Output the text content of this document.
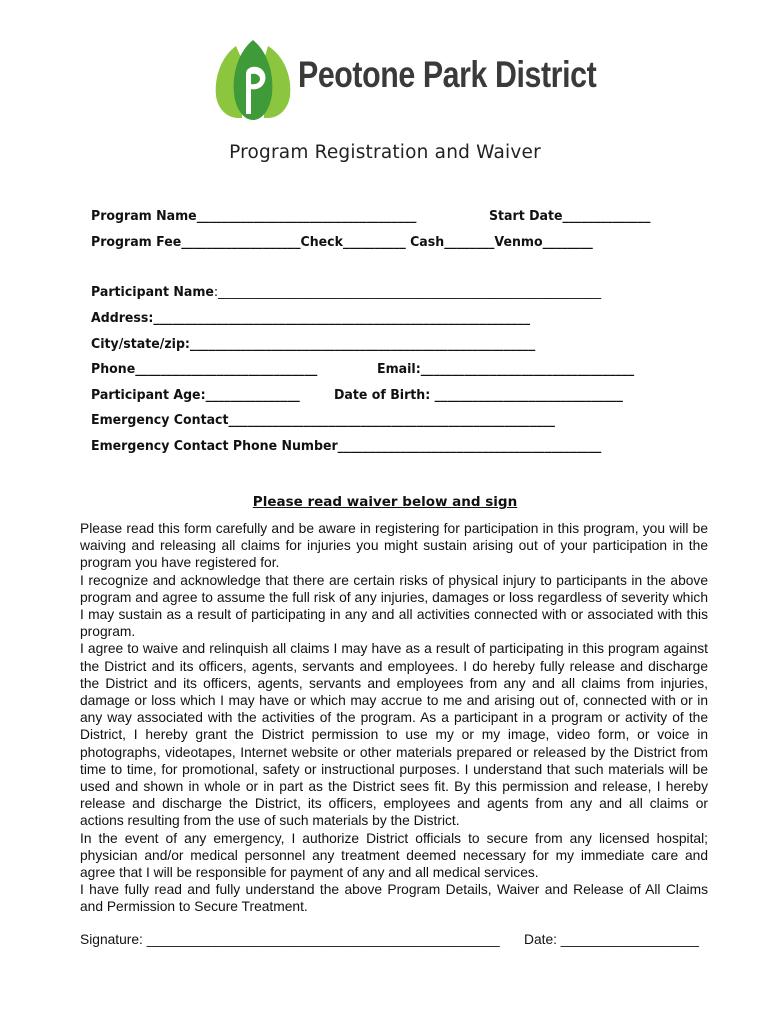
Peotone Park District
Program Registration and Waiver
Program Name___________________________________	Start Date______________
Program Fee___________________Check__________ Cash________Venmo________
Participant Name:_____________________________________________________________
Address:____________________________________________________________
City/state/zip:_______________________________________________________
Phone_____________________________	Email:__________________________________
Participant Age:_______________	Date of Birth: ______________________________
Emergency Contact____________________________________________________
Emergency Contact Phone Number__________________________________________
Please read waiver below and sign

Please read this form carefully and be aware in registering for participation in this program, you will be waiving and releasing all claims for injuries you might sustain arising out of your participation in the program you have registered for.

I recognize and acknowledge that there are certain risks of physical injury to participants in the above program and agree to assume the full risk of any injuries, damages or loss regardless of severity which I may sustain as a result of participating in any and all activities connected with or associated with this program.

I agree to waive and relinquish all claims I may have as a result of participating in this program against the District and its officers, agents, servants and employees. I do hereby fully release and discharge the District and its officers, agents, servants and employees from any and all claims from injuries, damage or loss which I may have or which may accrue to me and arising out of, connected with or in any way associated with the activities of the program. As a participant in a program or activity of the District, I hereby grant the District permission to use my or my image, video form, or voice in photographs, videotapes, Internet website or other materials prepared or released by the District from time to time, for promotional, safety or instructional purposes. I understand that such materials will be used and shown in whole or in part as the District sees fit. By this permission and release, I hereby release and discharge the District, its officers, employees and agents from any and all claims or actions resulting from the use of such materials by the District.

In the event of any emergency, I authorize District officials to secure from any licensed hospital; physician and/or medical personnel any treatment deemed necessary for my immediate care and agree that I will be responsible for payment of any and all medical services.

I have fully read and fully understand the above Program Details, Waiver and Release of All Claims and Permission to Secure Treatment.

Signature: ______________________________________________ Date: __________________
